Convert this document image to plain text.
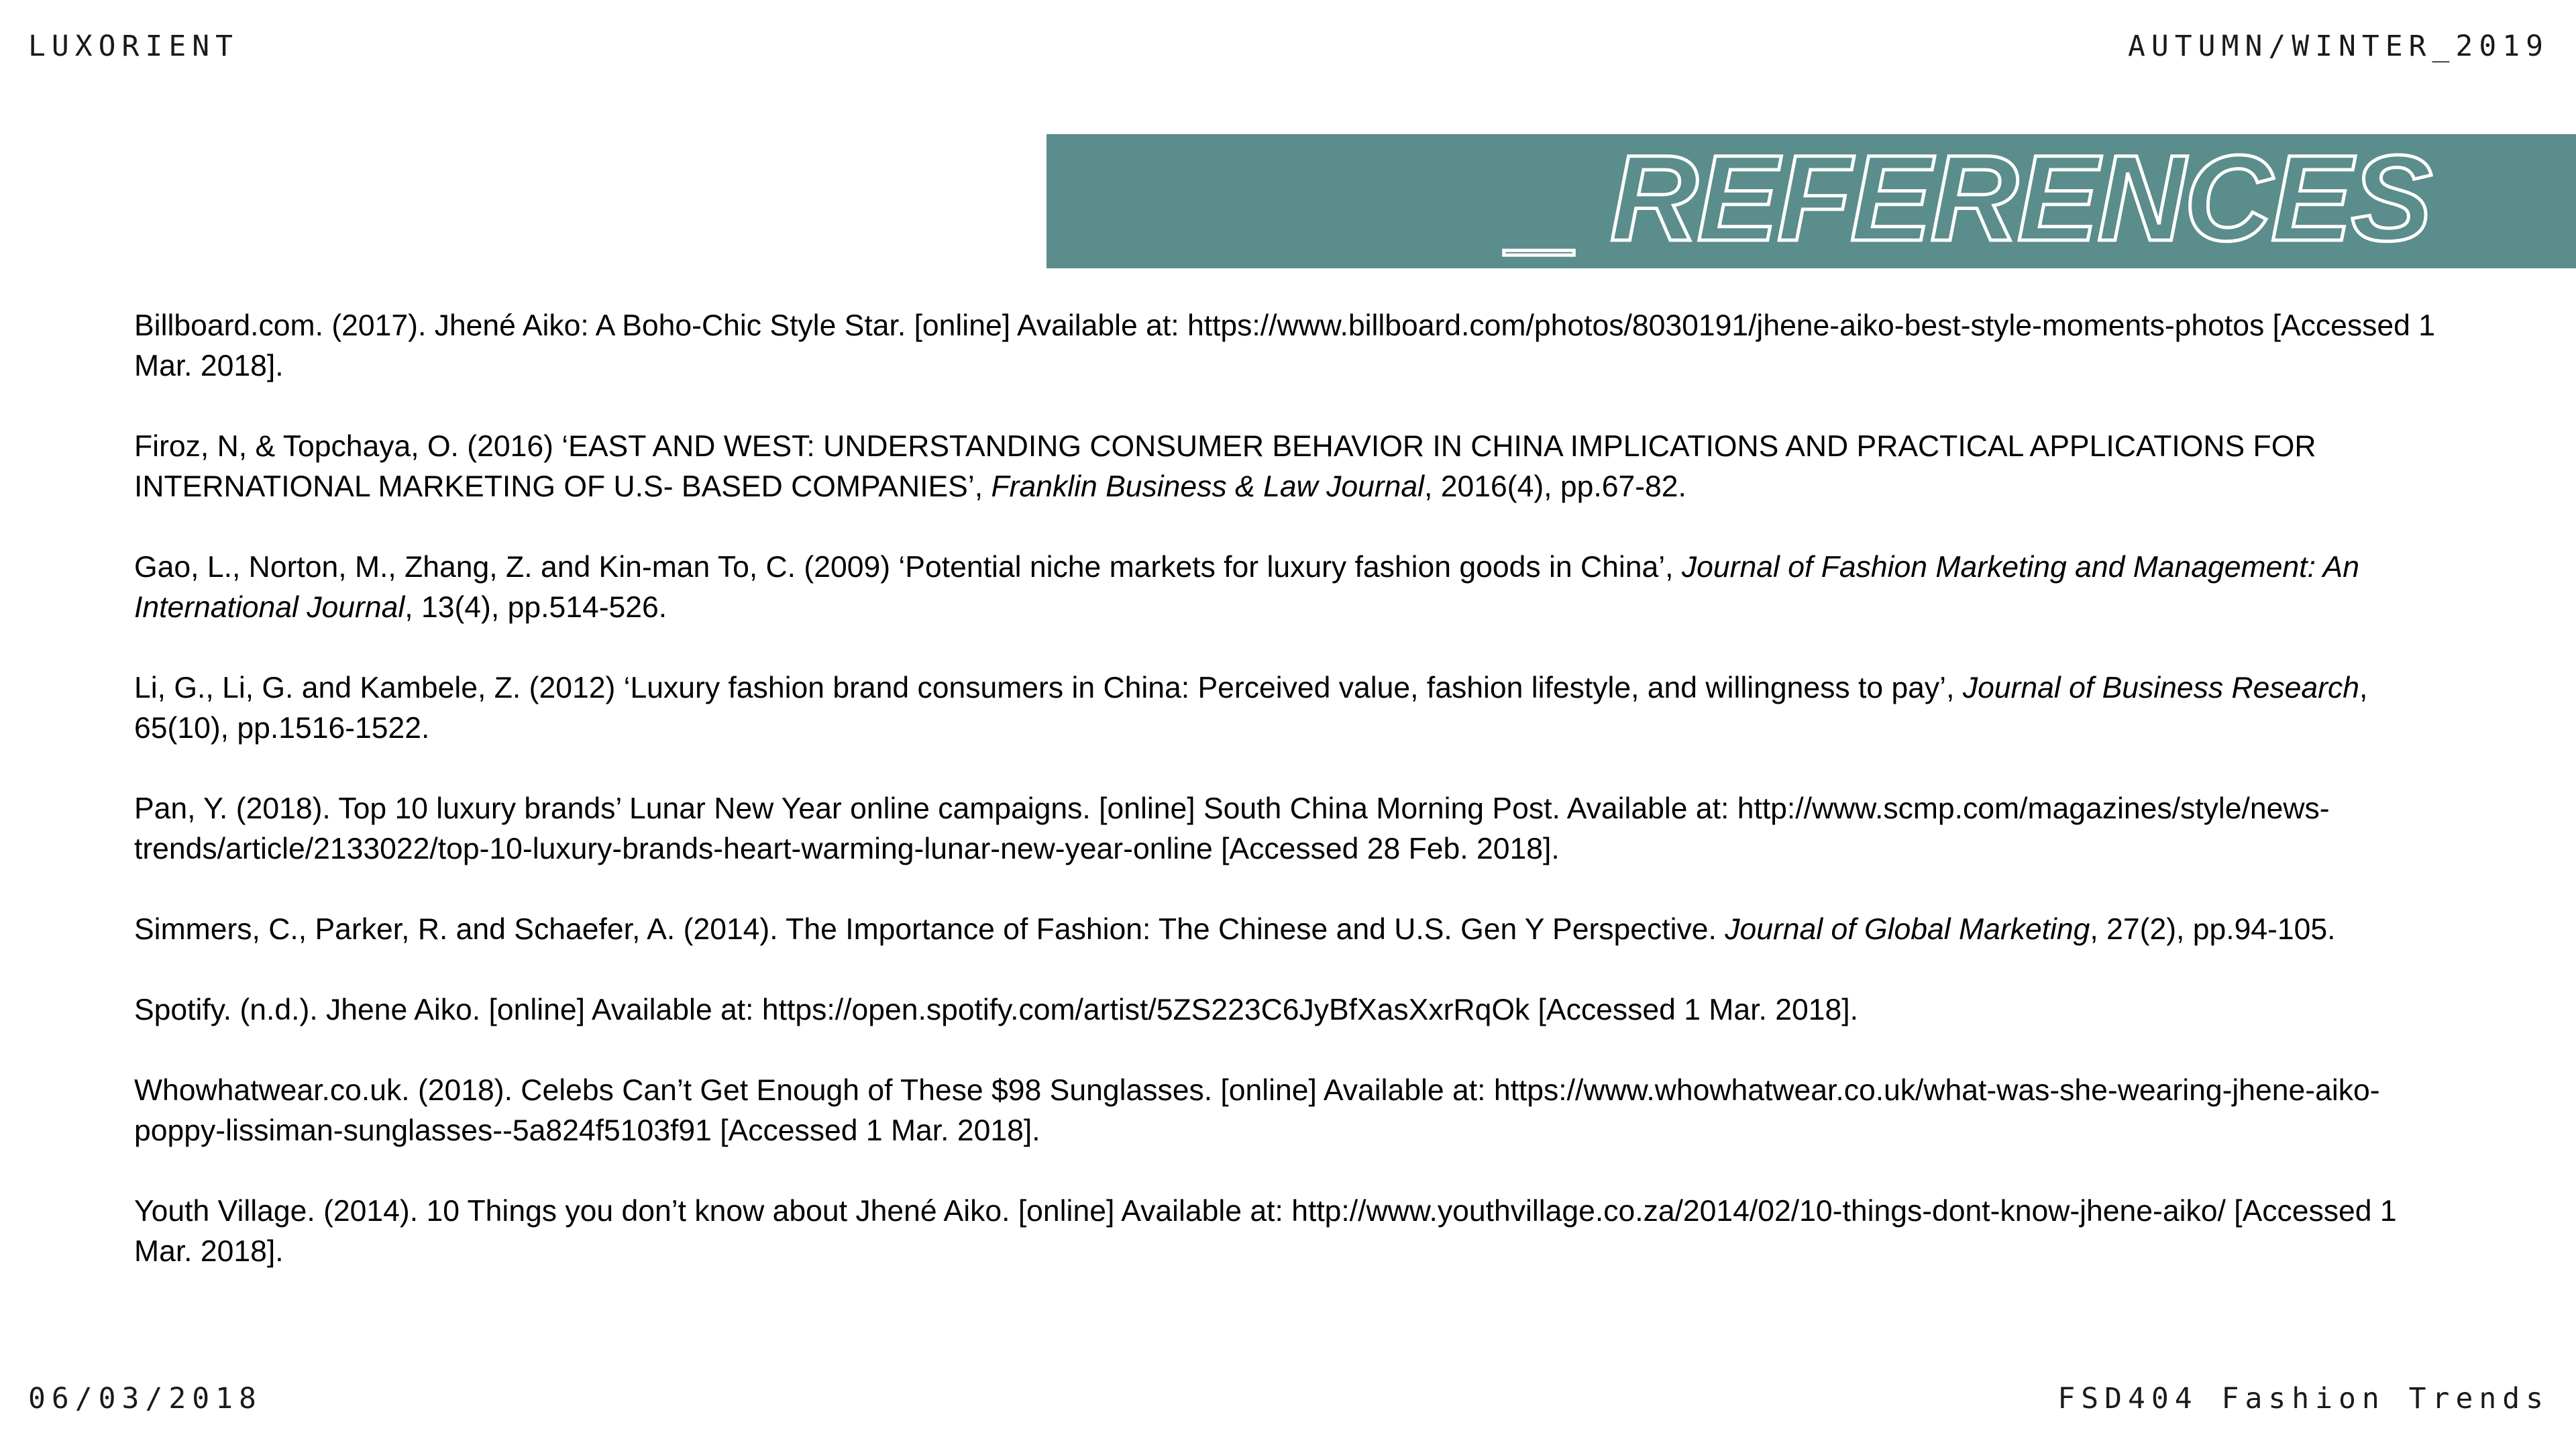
LUXORIENT	AUTUMN/WINTER_2019
_ REFERENCES

Billboard.com. (2017). Jhené Aiko: A Boho-Chic Style Star. [online] Available at: https://www.billboard.com/photos/8030191/jhene-aiko-best-style-moments-photos [Accessed 1 Mar. 2018].

Firoz, N, & Topchaya, O. (2016) ‘EAST AND WEST: UNDERSTANDING CONSUMER BEHAVIOR IN CHINA IMPLICATIONS AND PRACTICAL APPLICATIONS FOR INTERNATIONAL MARKETING OF U.S- BASED COMPANIES’, Franklin Business & Law Journal, 2016(4), pp.67-82.

Gao, L., Norton, M., Zhang, Z. and Kin-man To, C. (2009) ‘Potential niche markets for luxury fashion goods in China’, Journal of Fashion Marketing and Management: An International Journal, 13(4), pp.514-526.

Li, G., Li, G. and Kambele, Z. (2012) ‘Luxury fashion brand consumers in China: Perceived value, fashion lifestyle, and willingness to pay’, Journal of Business Research, 65(10), pp.1516-1522.

Pan, Y. (2018). Top 10 luxury brands’ Lunar New Year online campaigns. [online] South China Morning Post. Available at: http://www.scmp.com/magazines/style/news-trends/article/2133022/top-10-luxury-brands-heart-warming-lunar-new-year-online [Accessed 28 Feb. 2018].

Simmers, C., Parker, R. and Schaefer, A. (2014). The Importance of Fashion: The Chinese and U.S. Gen Y Perspective. Journal of Global Marketing, 27(2), pp.94-105.

Spotify. (n.d.). Jhene Aiko. [online] Available at: https://open.spotify.com/artist/5ZS223C6JyBfXasXxrRqOk [Accessed 1 Mar. 2018].

Whowhatwear.co.uk. (2018). Celebs Can’t Get Enough of These $98 Sunglasses. [online] Available at: https://www.whowhatwear.co.uk/what-was-she-wearing-jhene-aiko-poppy-lissiman-sunglasses--5a824f5103f91 [Accessed 1 Mar. 2018].

Youth Village. (2014). 10 Things you don’t know about Jhené Aiko. [online] Available at: http://www.youthvillage.co.za/2014/02/10-things-dont-know-jhene-aiko/ [Accessed 1 Mar. 2018].

06/03/2018	FSD404 Fashion Trends
